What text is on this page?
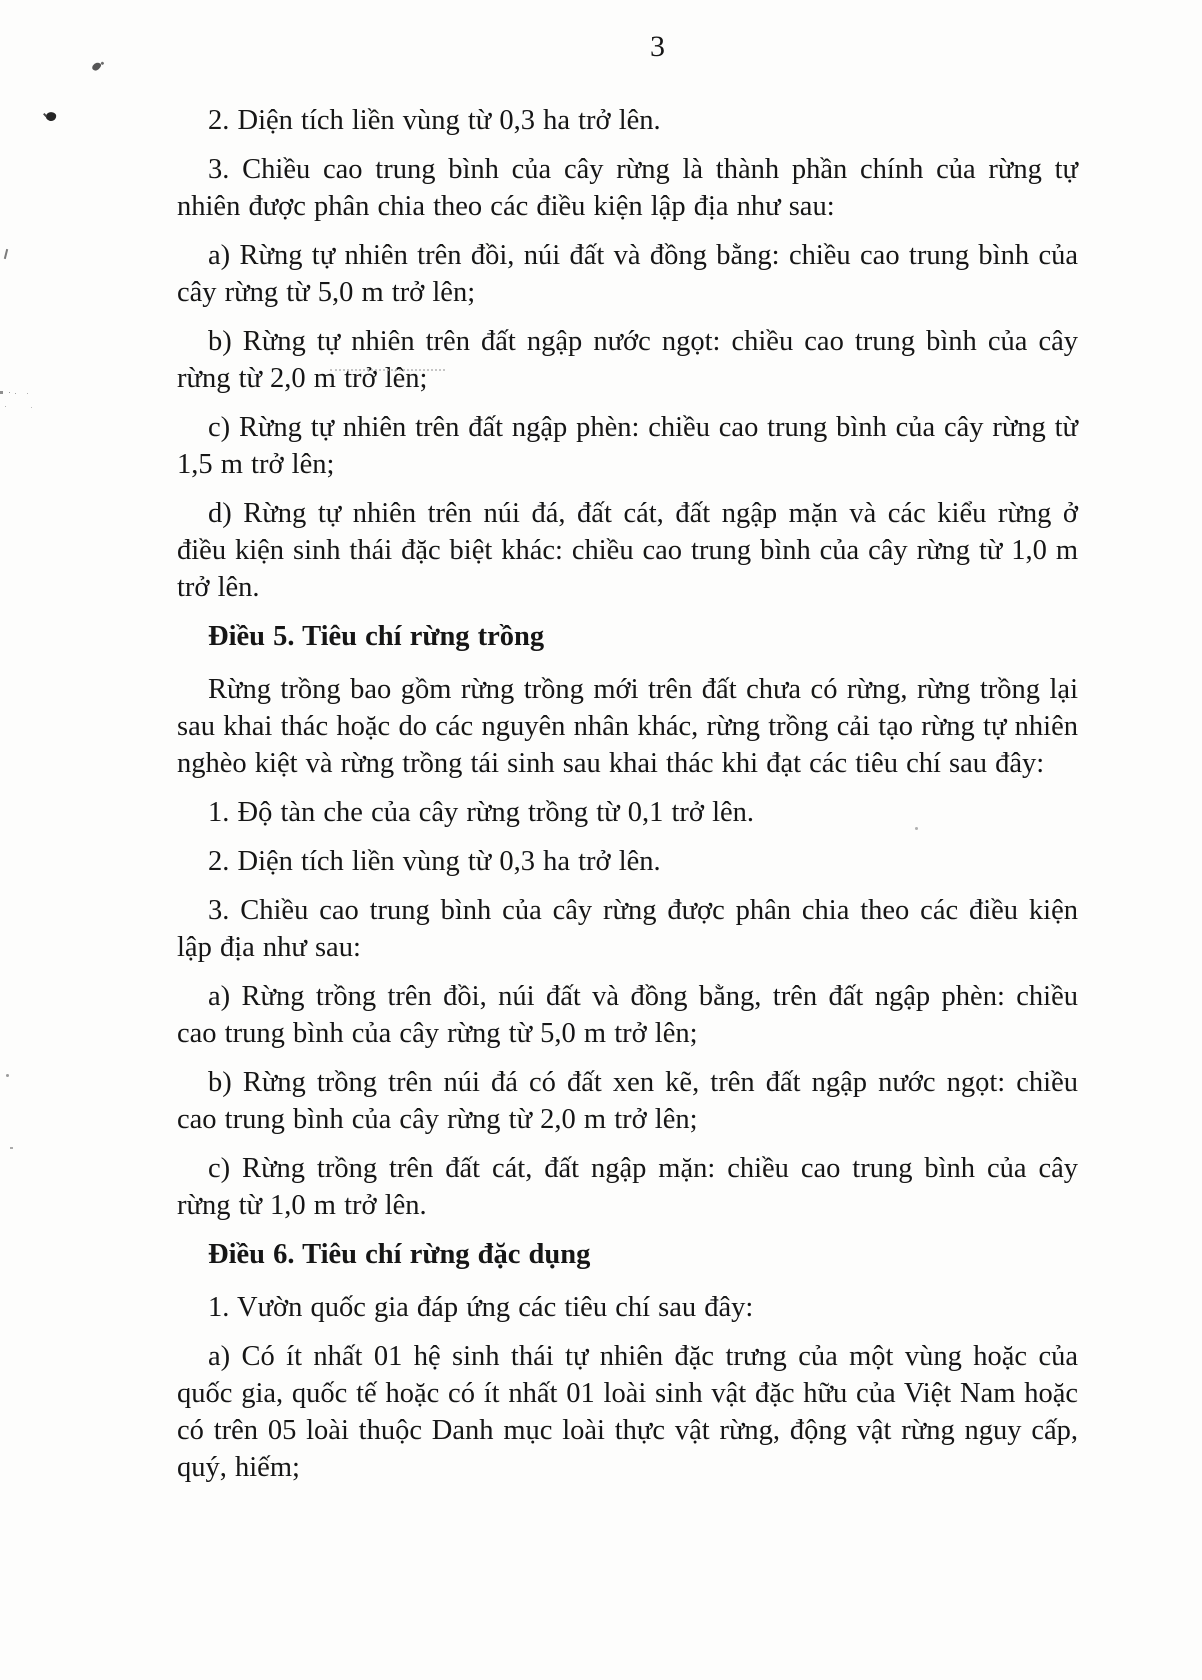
3

2. Diện tích liền vùng từ 0,3 ha trở lên.

3. Chiều cao trung bình của cây rừng là thành phần chính của rừng tự nhiên được phân chia theo các điều kiện lập địa như sau:

a) Rừng tự nhiên trên đồi, núi đất và đồng bằng: chiều cao trung bình của cây rừng từ 5,0 m trở lên;

b) Rừng tự nhiên trên đất ngập nước ngọt: chiều cao trung bình của cây rừng từ 2,0 m trở lên;

c) Rừng tự nhiên trên đất ngập phèn: chiều cao trung bình của cây rừng từ 1,5 m trở lên;

d) Rừng tự nhiên trên núi đá, đất cát, đất ngập mặn và các kiểu rừng ở điều kiện sinh thái đặc biệt khác: chiều cao trung bình của cây rừng từ 1,0 m trở lên.

Điều 5. Tiêu chí rừng trồng

Rừng trồng bao gồm rừng trồng mới trên đất chưa có rừng, rừng trồng lại sau khai thác hoặc do các nguyên nhân khác, rừng trồng cải tạo rừng tự nhiên nghèo kiệt và rừng trồng tái sinh sau khai thác khi đạt các tiêu chí sau đây:

1. Độ tàn che của cây rừng trồng từ 0,1 trở lên.

2. Diện tích liền vùng từ 0,3 ha trở lên.

3. Chiều cao trung bình của cây rừng được phân chia theo các điều kiện lập địa như sau:

a) Rừng trồng trên đồi, núi đất và đồng bằng, trên đất ngập phèn: chiều cao trung bình của cây rừng từ 5,0 m trở lên;

b) Rừng trồng trên núi đá có đất xen kẽ, trên đất ngập nước ngọt: chiều cao trung bình của cây rừng từ 2,0 m trở lên;

c) Rừng trồng trên đất cát, đất ngập mặn: chiều cao trung bình của cây rừng từ 1,0 m trở lên.

Điều 6. Tiêu chí rừng đặc dụng

1. Vườn quốc gia đáp ứng các tiêu chí sau đây:

a) Có ít nhất 01 hệ sinh thái tự nhiên đặc trưng của một vùng hoặc của quốc gia, quốc tế hoặc có ít nhất 01 loài sinh vật đặc hữu của Việt Nam hoặc có trên 05 loài thuộc Danh mục loài thực vật rừng, động vật rừng nguy cấp, quý, hiếm;
